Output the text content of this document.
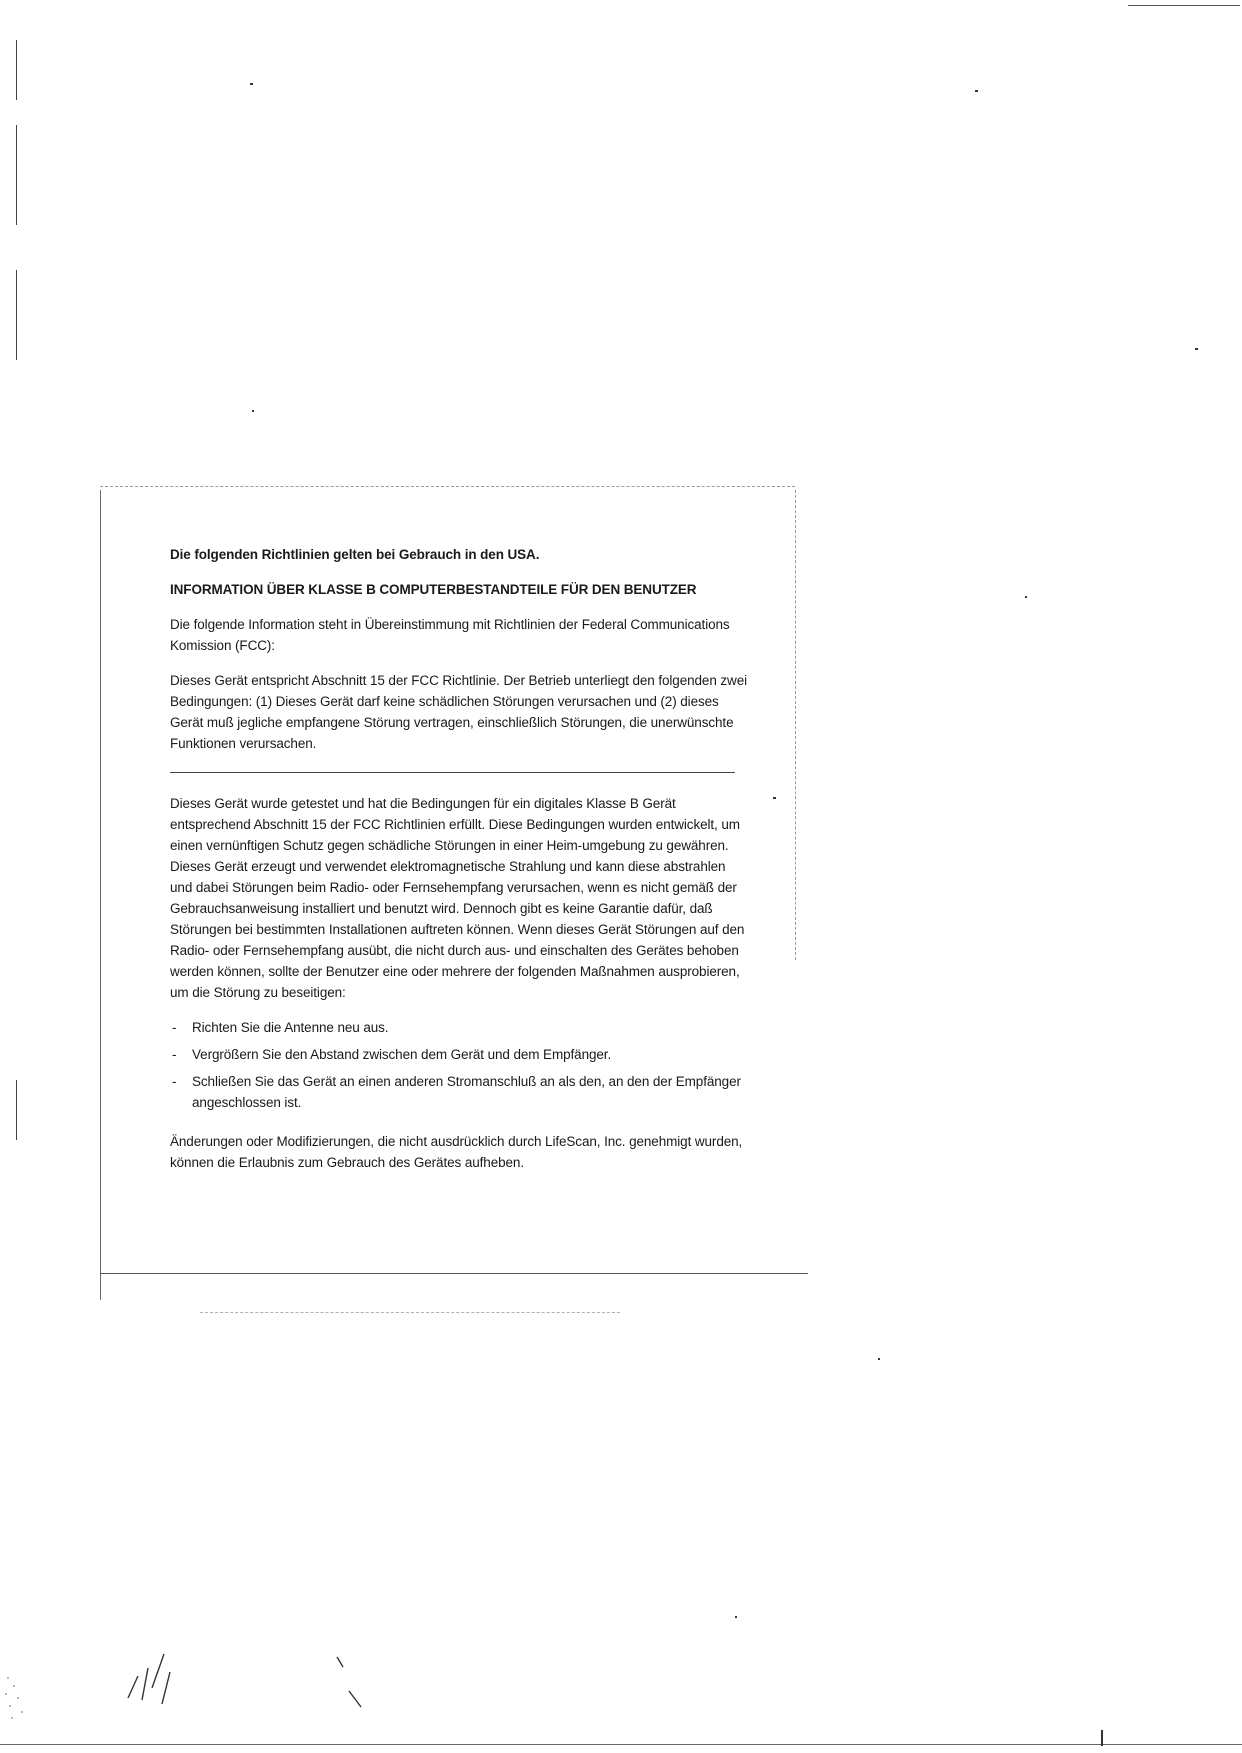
Die folgenden Richtlinien gelten bei Gebrauch in den USA.

INFORMATION ÜBER KLASSE B COMPUTERBESTANDTEILE FÜR DEN BENUTZER

Die folgende Information steht in Übereinstimmung mit Richtlinien der Federal Communications Komission (FCC):

Dieses Gerät entspricht Abschnitt 15 der FCC Richtlinie. Der Betrieb unterliegt den folgenden zwei Bedingungen: (1) Dieses Gerät darf keine schädlichen Störungen verursachen und (2) dieses Gerät muß jegliche empfangene Störung vertragen, einschließlich Störungen, die unerwünschte Funktionen verursachen.

Dieses Gerät wurde getestet und hat die Bedingungen für ein digitales Klasse B Gerät entsprechend Abschnitt 15 der FCC Richtlinien erfüllt. Diese Bedingungen wurden entwickelt, um einen vernünftigen Schutz gegen schädliche Störungen in einer Heim-umgebung zu gewähren. Dieses Gerät erzeugt und verwendet elektromagnetische Strahlung und kann diese abstrahlen und dabei Störungen beim Radio- oder Fernsehempfang verursachen, wenn es nicht gemäß der Gebrauchsanweisung installiert und benutzt wird. Dennoch gibt es keine Garantie dafür, daß Störungen bei bestimmten Installationen auftreten können. Wenn dieses Gerät Störungen auf den Radio- oder Fernsehempfang ausübt, die nicht durch aus- und einschalten des Gerätes behoben werden können, sollte der Benutzer eine oder mehrere der folgenden Maßnahmen ausprobieren, um die Störung zu beseitigen:

- Richten Sie die Antenne neu aus.
- Vergrößern Sie den Abstand zwischen dem Gerät und dem Empfänger.
- Schließen Sie das Gerät an einen anderen Stromanschluß an als den, an den der Empfänger angeschlossen ist.

Änderungen oder Modifizierungen, die nicht ausdrücklich durch LifeScan, Inc. genehmigt wurden, können die Erlaubnis zum Gebrauch des Gerätes aufheben.
